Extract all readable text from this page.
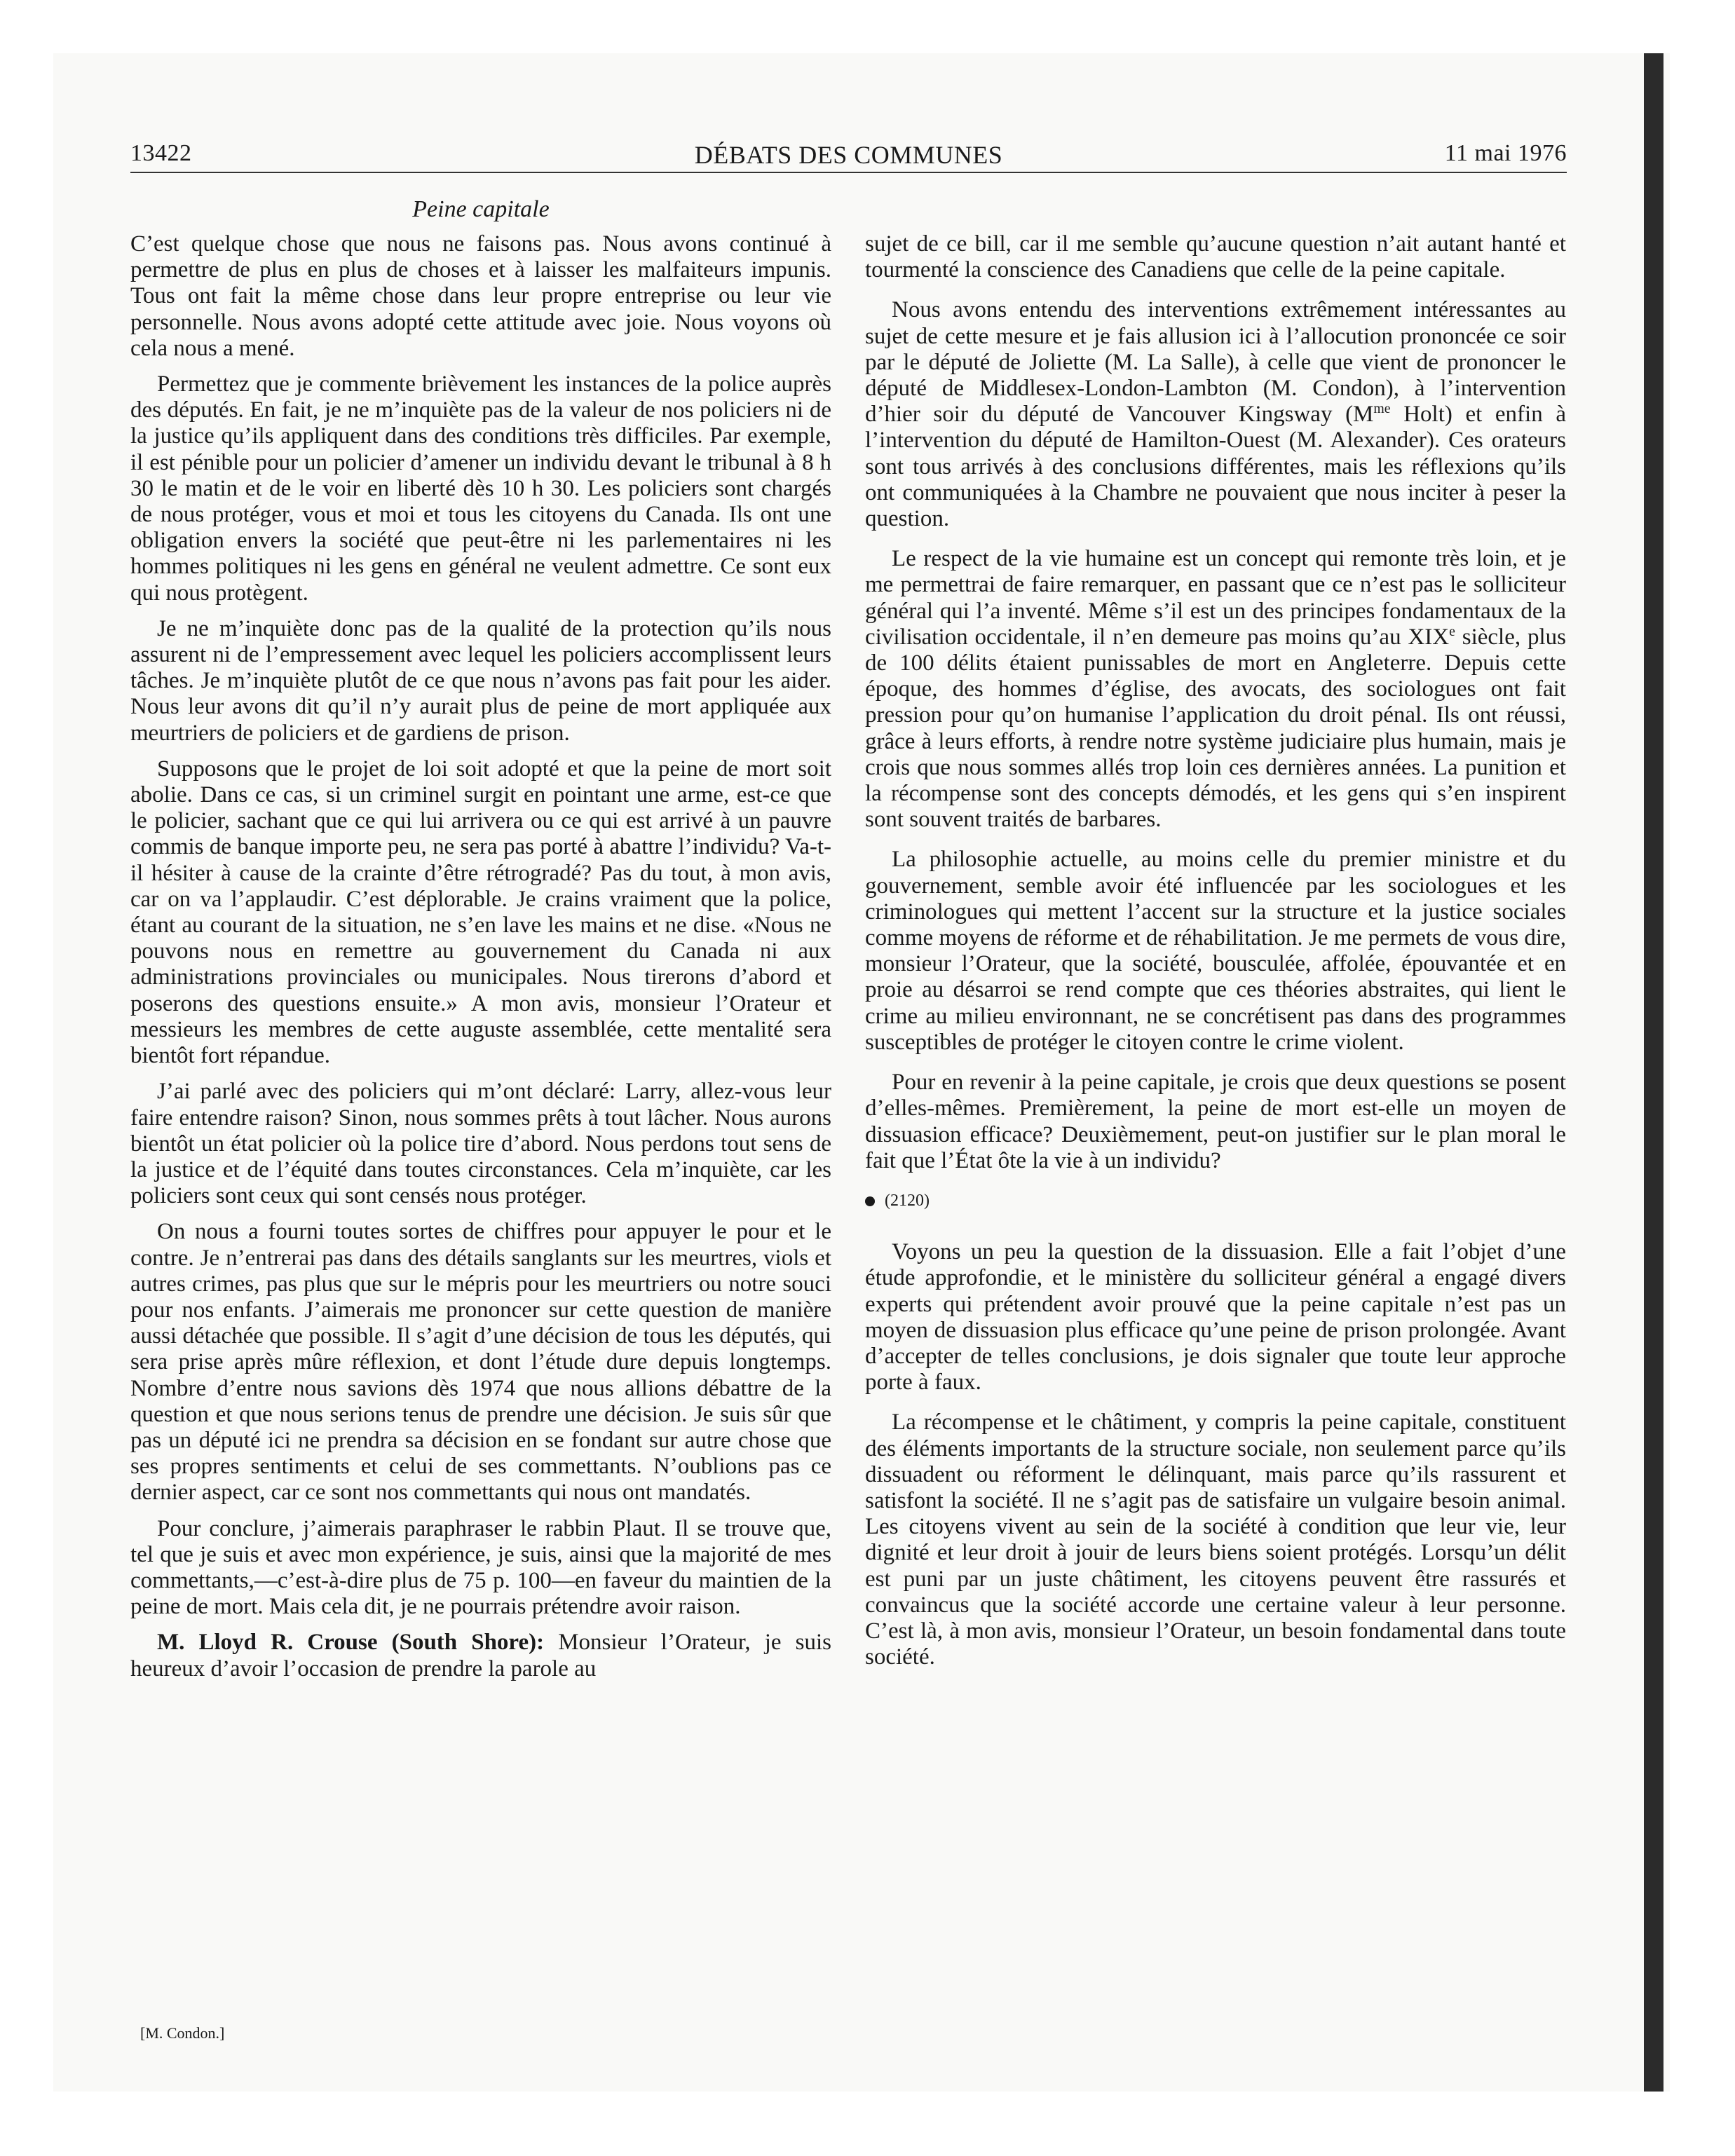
13422	DÉBATS DES COMMUNES	11 mai 1976
Peine capitale

C’est quelque chose que nous ne faisons pas. Nous avons continué à permettre de plus en plus de choses et à laisser les malfaiteurs impunis. Tous ont fait la même chose dans leur propre entreprise ou leur vie personnelle. Nous avons adopté cette attitude avec joie. Nous voyons où cela nous a mené.

Permettez que je commente brièvement les instances de la police auprès des députés. En fait, je ne m’inquiète pas de la valeur de nos policiers ni de la justice qu’ils appliquent dans des conditions très difficiles. Par exemple, il est pénible pour un policier d’amener un individu devant le tribunal à 8 h 30 le matin et de le voir en liberté dès 10 h 30. Les policiers sont chargés de nous protéger, vous et moi et tous les citoyens du Canada. Ils ont une obligation envers la société que peut-être ni les parlementaires ni les hommes politiques ni les gens en général ne veulent admettre. Ce sont eux qui nous protègent.

Je ne m’inquiète donc pas de la qualité de la protection qu’ils nous assurent ni de l’empressement avec lequel les policiers accomplissent leurs tâches. Je m’inquiète plutôt de ce que nous n’avons pas fait pour les aider. Nous leur avons dit qu’il n’y aurait plus de peine de mort appliquée aux meurtriers de policiers et de gardiens de prison.

Supposons que le projet de loi soit adopté et que la peine de mort soit abolie. Dans ce cas, si un criminel surgit en pointant une arme, est-ce que le policier, sachant que ce qui lui arrivera ou ce qui est arrivé à un pauvre commis de banque importe peu, ne sera pas porté à abattre l’individu? Va-t-il hésiter à cause de la crainte d’être rétrogradé? Pas du tout, à mon avis, car on va l’applaudir. C’est déplorable. Je crains vraiment que la police, étant au courant de la situation, ne s’en lave les mains et ne dise. «Nous ne pouvons nous en remettre au gouvernement du Canada ni aux administrations provinciales ou municipales. Nous tirerons d’abord et poserons des questions ensuite.» A mon avis, monsieur l’Orateur et messieurs les membres de cette auguste assemblée, cette mentalité sera bientôt fort répandue.

J’ai parlé avec des policiers qui m’ont déclaré: Larry, allez-vous leur faire entendre raison? Sinon, nous sommes prêts à tout lâcher. Nous aurons bientôt un état policier où la police tire d’abord. Nous perdons tout sens de la justice et de l’équité dans toutes circonstances. Cela m’inquiète, car les policiers sont ceux qui sont censés nous protéger.

On nous a fourni toutes sortes de chiffres pour appuyer le pour et le contre. Je n’entrerai pas dans des détails sanglants sur les meurtres, viols et autres crimes, pas plus que sur le mépris pour les meurtriers ou notre souci pour nos enfants. J’aimerais me prononcer sur cette question de manière aussi détachée que possible. Il s’agit d’une décision de tous les députés, qui sera prise après mûre réflexion, et dont l’étude dure depuis longtemps. Nombre d’entre nous savions dès 1974 que nous allions débattre de la question et que nous serions tenus de prendre une décision. Je suis sûr que pas un député ici ne prendra sa décision en se fondant sur autre chose que ses propres sentiments et celui de ses commettants. N’oublions pas ce dernier aspect, car ce sont nos commettants qui nous ont mandatés.

Pour conclure, j’aimerais paraphraser le rabbin Plaut. Il se trouve que, tel que je suis et avec mon expérience, je suis, ainsi que la majorité de mes commettants,—c’est-à-dire plus de 75 p. 100—en faveur du maintien de la peine de mort. Mais cela dit, je ne pourrais prétendre avoir raison.

M. Lloyd R. Crouse (South Shore): Monsieur l’Orateur, je suis heureux d’avoir l’occasion de prendre la parole au

[M. Condon.]

sujet de ce bill, car il me semble qu’aucune question n’ait autant hanté et tourmenté la conscience des Canadiens que celle de la peine capitale.

Nous avons entendu des interventions extrêmement intéressantes au sujet de cette mesure et je fais allusion ici à l’allocution prononcée ce soir par le député de Joliette (M. La Salle), à celle que vient de prononcer le député de Middlesex-London-Lambton (M. Condon), à l’intervention d’hier soir du député de Vancouver Kingsway ($M^{me}$ Holt) et enfin à l’intervention du député de Hamilton-Ouest (M. Alexander). Ces orateurs sont tous arrivés à des conclusions différentes, mais les réflexions qu’ils ont communiquées à la Chambre ne pouvaient que nous inciter à peser la question.

Le respect de la vie humaine est un concept qui remonte très loin, et je me permettrai de faire remarquer, en passant que ce n’est pas le solliciteur général qui l’a inventé. Même s’il est un des principes fondamentaux de la civilisation occidentale, il n’en demeure pas moins qu’au XIXe siècle, plus de 100 délits étaient punissables de mort en Angleterre. Depuis cette époque, des hommes d’église, des avocats, des sociologues ont fait pression pour qu’on humanise l’application du droit pénal. Ils ont réussi, grâce à leurs efforts, à rendre notre système judiciaire plus humain, mais je crois que nous sommes allés trop loin ces dernières années. La punition et la récompense sont des concepts démodés, et les gens qui s’en inspirent sont souvent traités de barbares.

La philosophie actuelle, au moins celle du premier ministre et du gouvernement, semble avoir été influencée par les sociologues et les criminologues qui mettent l’accent sur la structure et la justice sociales comme moyens de réforme et de réhabilitation. Je me permets de vous dire, monsieur l’Orateur, que la société, bousculée, affolée, épouvantée et en proie au désarroi se rend compte que ces théories abstraites, qui lient le crime au milieu environnant, ne se concrétisent pas dans des programmes susceptibles de protéger le citoyen contre le crime violent.

Pour en revenir à la peine capitale, je crois que deux questions se posent d’elles-mêmes. Premièrement, la peine de mort est-elle un moyen de dissuasion efficace? Deuxièmement, peut-on justifier sur le plan moral le fait que l’État ôte la vie à un individu?

(2120)

Voyons un peu la question de la dissuasion. Elle a fait l’objet d’une étude approfondie, et le ministère du solliciteur général a engagé divers experts qui prétendent avoir prouvé que la peine capitale n’est pas un moyen de dissuasion plus efficace qu’une peine de prison prolongée. Avant d’accepter de telles conclusions, je dois signaler que toute leur approche porte à faux.

La récompense et le châtiment, y compris la peine capitale, constituent des éléments importants de la structure sociale, non seulement parce qu’ils dissuadent ou réforment le délinquant, mais parce qu’ils rassurent et satisfont la société. Il ne s’agit pas de satisfaire un vulgaire besoin animal. Les citoyens vivent au sein de la société à condition que leur vie, leur dignité et leur droit à jouir de leurs biens soient protégés. Lorsqu’un délit est puni par un juste châtiment, les citoyens peuvent être rassurés et convaincus que la société accorde une certaine valeur à leur personne. C’est là, à mon avis, monsieur l’Orateur, un besoin fondamental dans toute société.
